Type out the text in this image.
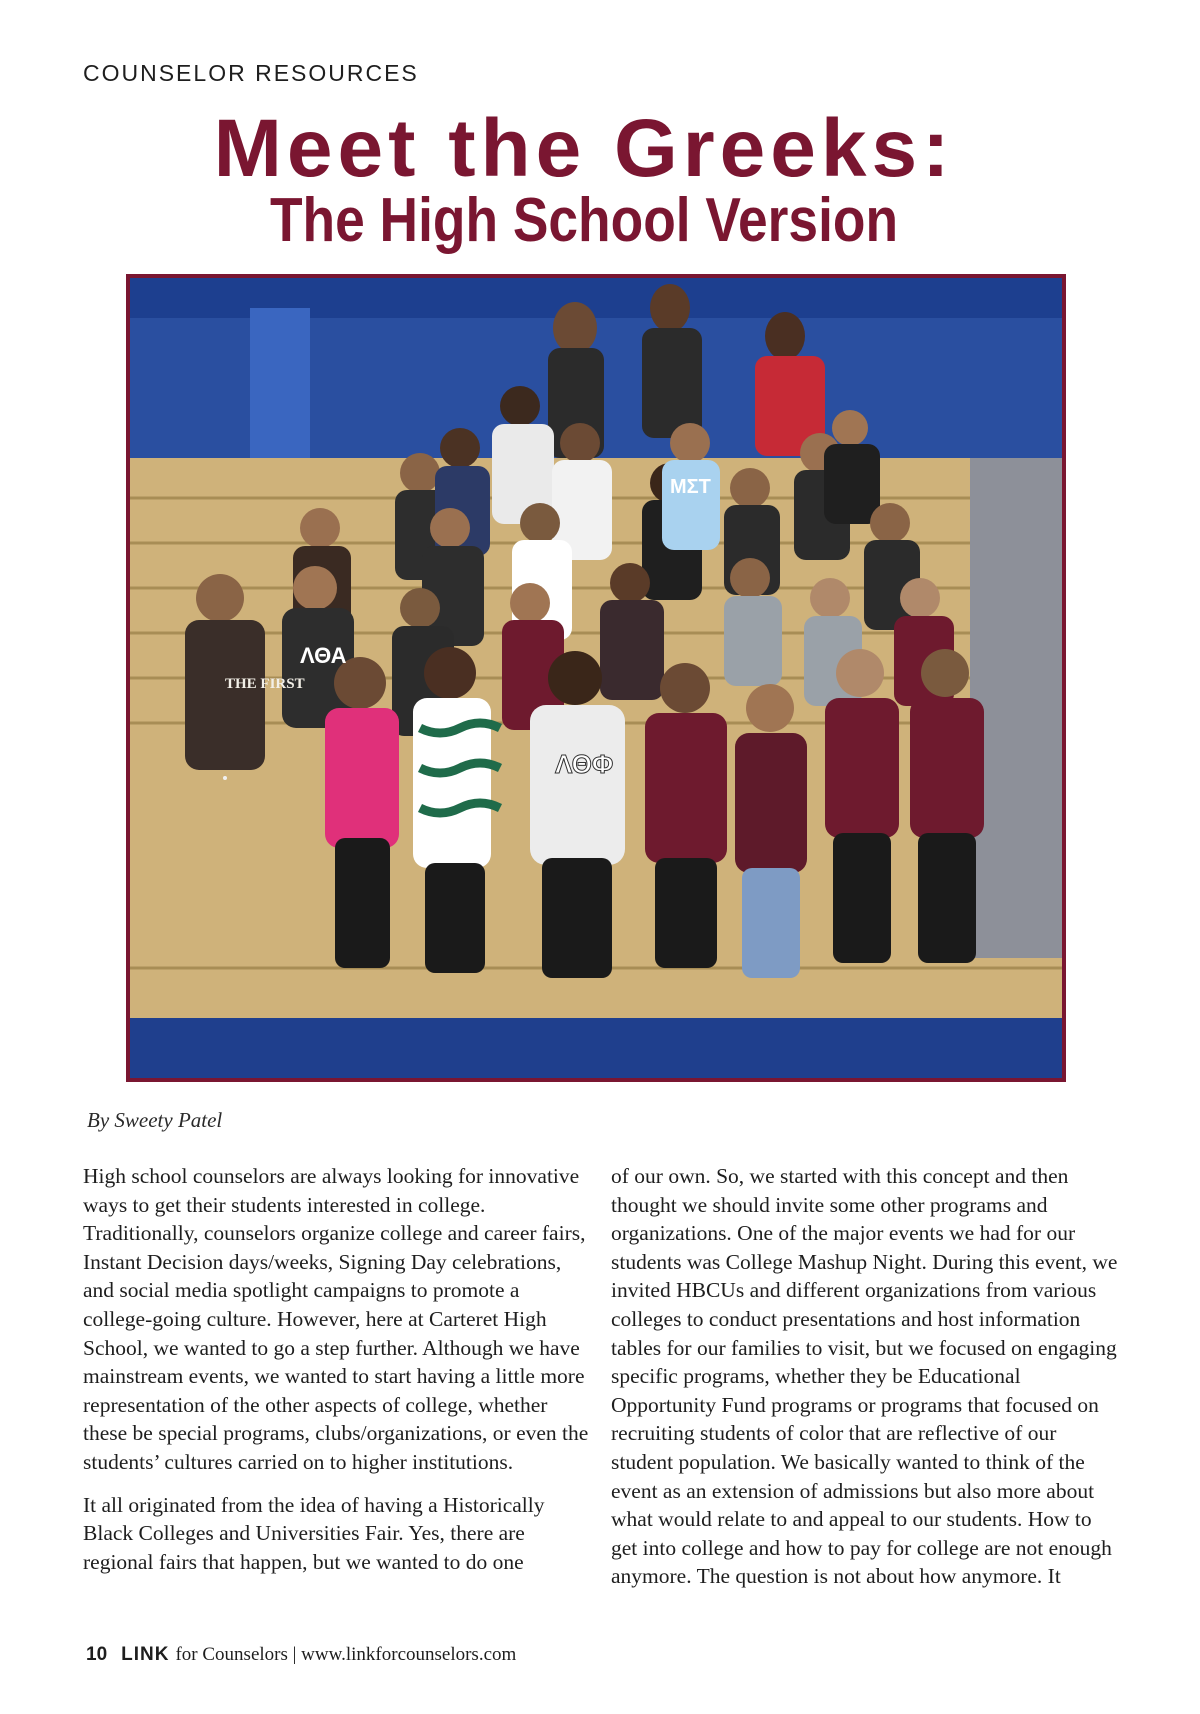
COUNSELOR RESOURCES
Meet the Greeks:
The High School Version
THE FIRST
ΛΘΦ
ΛΘΑ
ΜΣΤ
By Sweety Patel

High school counselors are always looking for innovative ways to get their students interested in college. Traditionally, counselors organize college and career fairs, Instant Decision days/weeks, Signing Day celebrations, and social media spotlight campaigns to promote a college-going culture. However, here at Carteret High School, we wanted to go a step further. Although we have mainstream events, we wanted to start having a little more representation of the other aspects of college, whether these be special programs, clubs/organizations, or even the students’ cultures carried on to higher institutions.

It all originated from the idea of having a Historically Black Colleges and Universities Fair. Yes, there are regional fairs that happen, but we wanted to do one

of our own. So, we started with this concept and then thought we should invite some other programs and organizations. One of the major events we had for our students was College Mashup Night. During this event, we invited HBCUs and different organizations from various colleges to conduct presentations and host information tables for our families to visit, but we focused on engaging specific programs, whether they be Educational Opportunity Fund programs or programs that focused on recruiting students of color that are reflective of our student population. We basically wanted to think of the event as an extension of admissions but also more about what would relate to and appeal to our students. How to get into college and how to pay for college are not enough anymore. The question is not about how anymore. It

10 LINK for Counselors | www.linkforcounselors.com
